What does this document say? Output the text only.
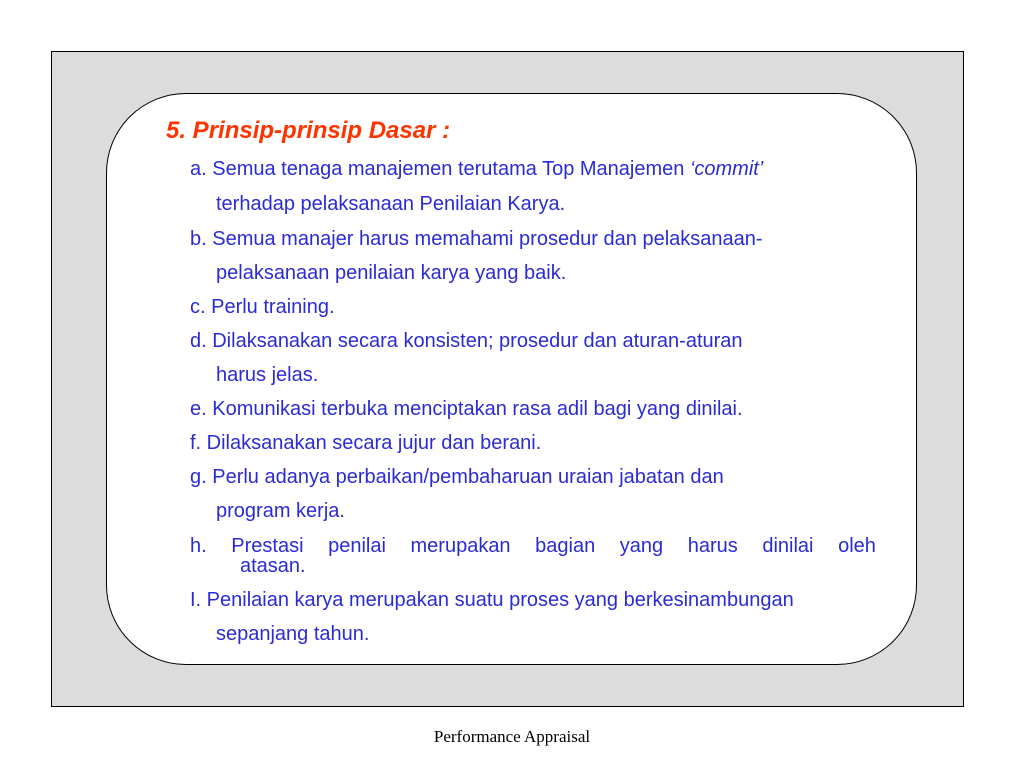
5. Prinsip-prinsip Dasar :

a. Semua tenaga manajemen terutama Top Manajemen ‘commit’

terhadap pelaksanaan Penilaian Karya.

b. Semua manajer harus memahami prosedur dan pelaksanaan-

pelaksanaan penilaian karya yang baik.

c. Perlu training.

d. Dilaksanakan secara konsisten; prosedur dan aturan-aturan

harus jelas.

e. Komunikasi terbuka menciptakan rasa adil bagi yang dinilai.

f. Dilaksanakan secara jujur dan berani.

g. Perlu adanya perbaikan/pembaharuan uraian jabatan dan

program kerja.

h. Prestasi penilai merupakan bagian yang harus dinilai oleh

atasan.

I. Penilaian karya merupakan suatu proses yang berkesinambungan

sepanjang tahun.

Performance Appraisal
